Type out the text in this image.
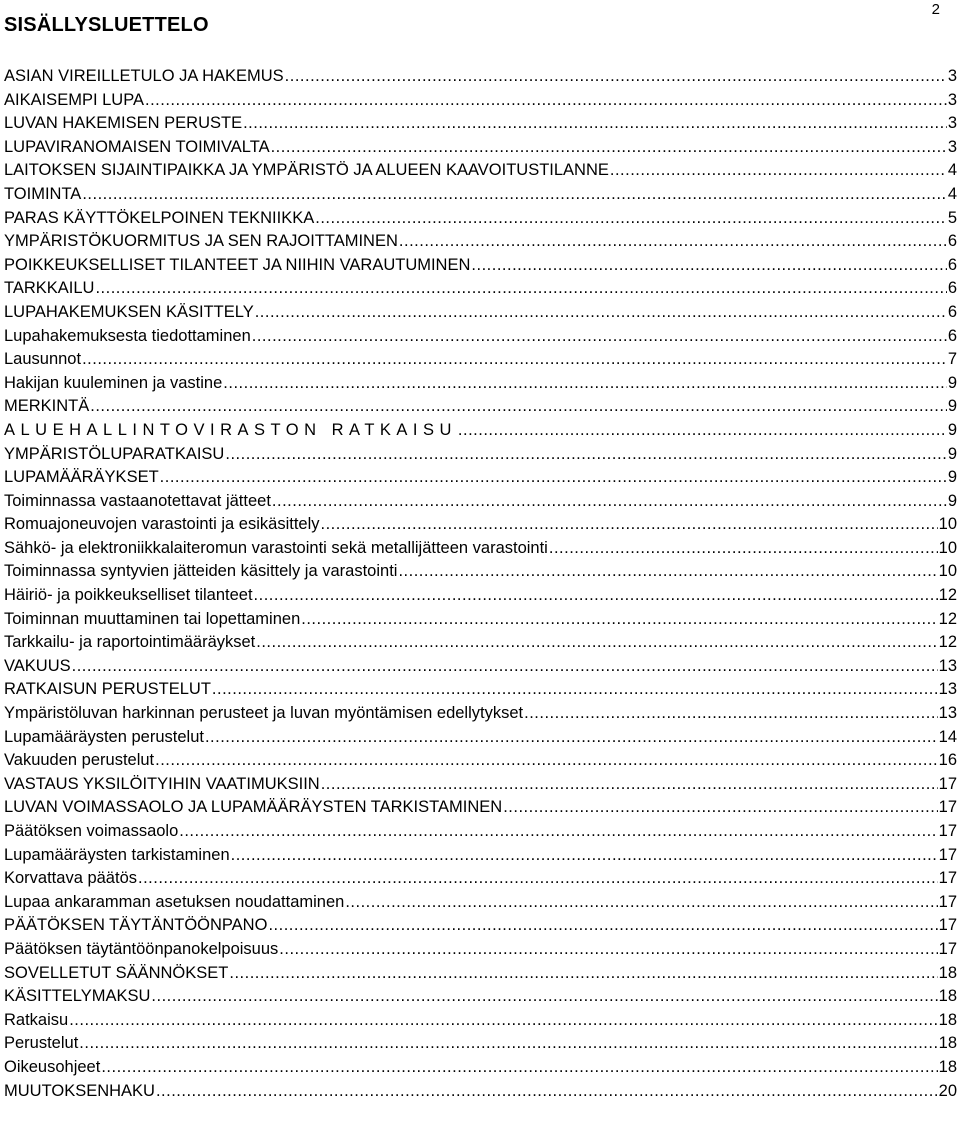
2
SISÄLLYSLUETTELO
ASIAN VIREILLETULO JA HAKEMUS .....	3
AIKAISEMPI LUPA .....	3
LUVAN HAKEMISEN PERUSTE .....	3
LUPAVIRANOMAISEN TOIMIVALTA .....	3
LAITOKSEN SIJAINTIPAIKKA JA YMPÄRISTÖ JA ALUEEN KAAVOITUSTILANNE .....	4
TOIMINTA .....	4
PARAS KÄYTTÖKELPOINEN TEKNIIKKA .....	5
YMPÄRISTÖKUORMITUS JA SEN RAJOITTAMINEN .....	6
POIKKEUKSELLISET TILANTEET JA NIIHIN VARAUTUMINEN .....	6
TARKKAILU .....	6
LUPAHAKEMUKSEN KÄSITTELY .....	6
Lupahakemuksesta tiedottaminen .....	6
Lausunnot .....	7
Hakijan kuuleminen ja vastine .....	9
MERKINTÄ .....	9
ALUEHALLINTOVIRASTON RATKAISU .....	9
YMPÄRISTÖLUPARATKAISU .....	9
LUPAMÄÄRÄYKSET .....	9
Toiminnassa vastaanotettavat jätteet .....	9
Romuajoneuvojen varastointi ja esikäsittely .....	10
Sähkö- ja elektroniikkalaiteromun varastointi sekä metallijätteen varastointi .....	10
Toiminnassa syntyvien jätteiden käsittely ja varastointi .....	10
Häiriö- ja poikkeukselliset tilanteet .....	12
Toiminnan muuttaminen tai lopettaminen .....	12
Tarkkailu- ja raportointimääräykset .....	12
VAKUUS .....	13
RATKAISUN PERUSTELUT .....	13
Ympäristöluvan harkinnan perusteet ja luvan myöntämisen edellytykset .....	13
Lupamääräysten perustelut .....	14
Vakuuden perustelut .....	16
VASTAUS YKSILÖITYIHIN VAATIMUKSIIN .....	17
LUVAN VOIMASSAOLO JA LUPAMÄÄRÄYSTEN TARKISTAMINEN .....	17
Päätöksen voimassaolo .....	17
Lupamääräysten tarkistaminen .....	17
Korvattava päätös .....	17
Lupaa ankaramman asetuksen noudattaminen .....	17
PÄÄTÖKSEN TÄYTÄNTÖÖNPANO .....	17
Päätöksen täytäntöönpanokelpoisuus .....	17
SOVELLETUT SÄÄNNÖKSET .....	18
KÄSITTELYMAKSU .....	18
Ratkaisu .....	18
Perustelut .....	18
Oikeusohjeet .....	18
MUUTOKSENHAKU .....	20
